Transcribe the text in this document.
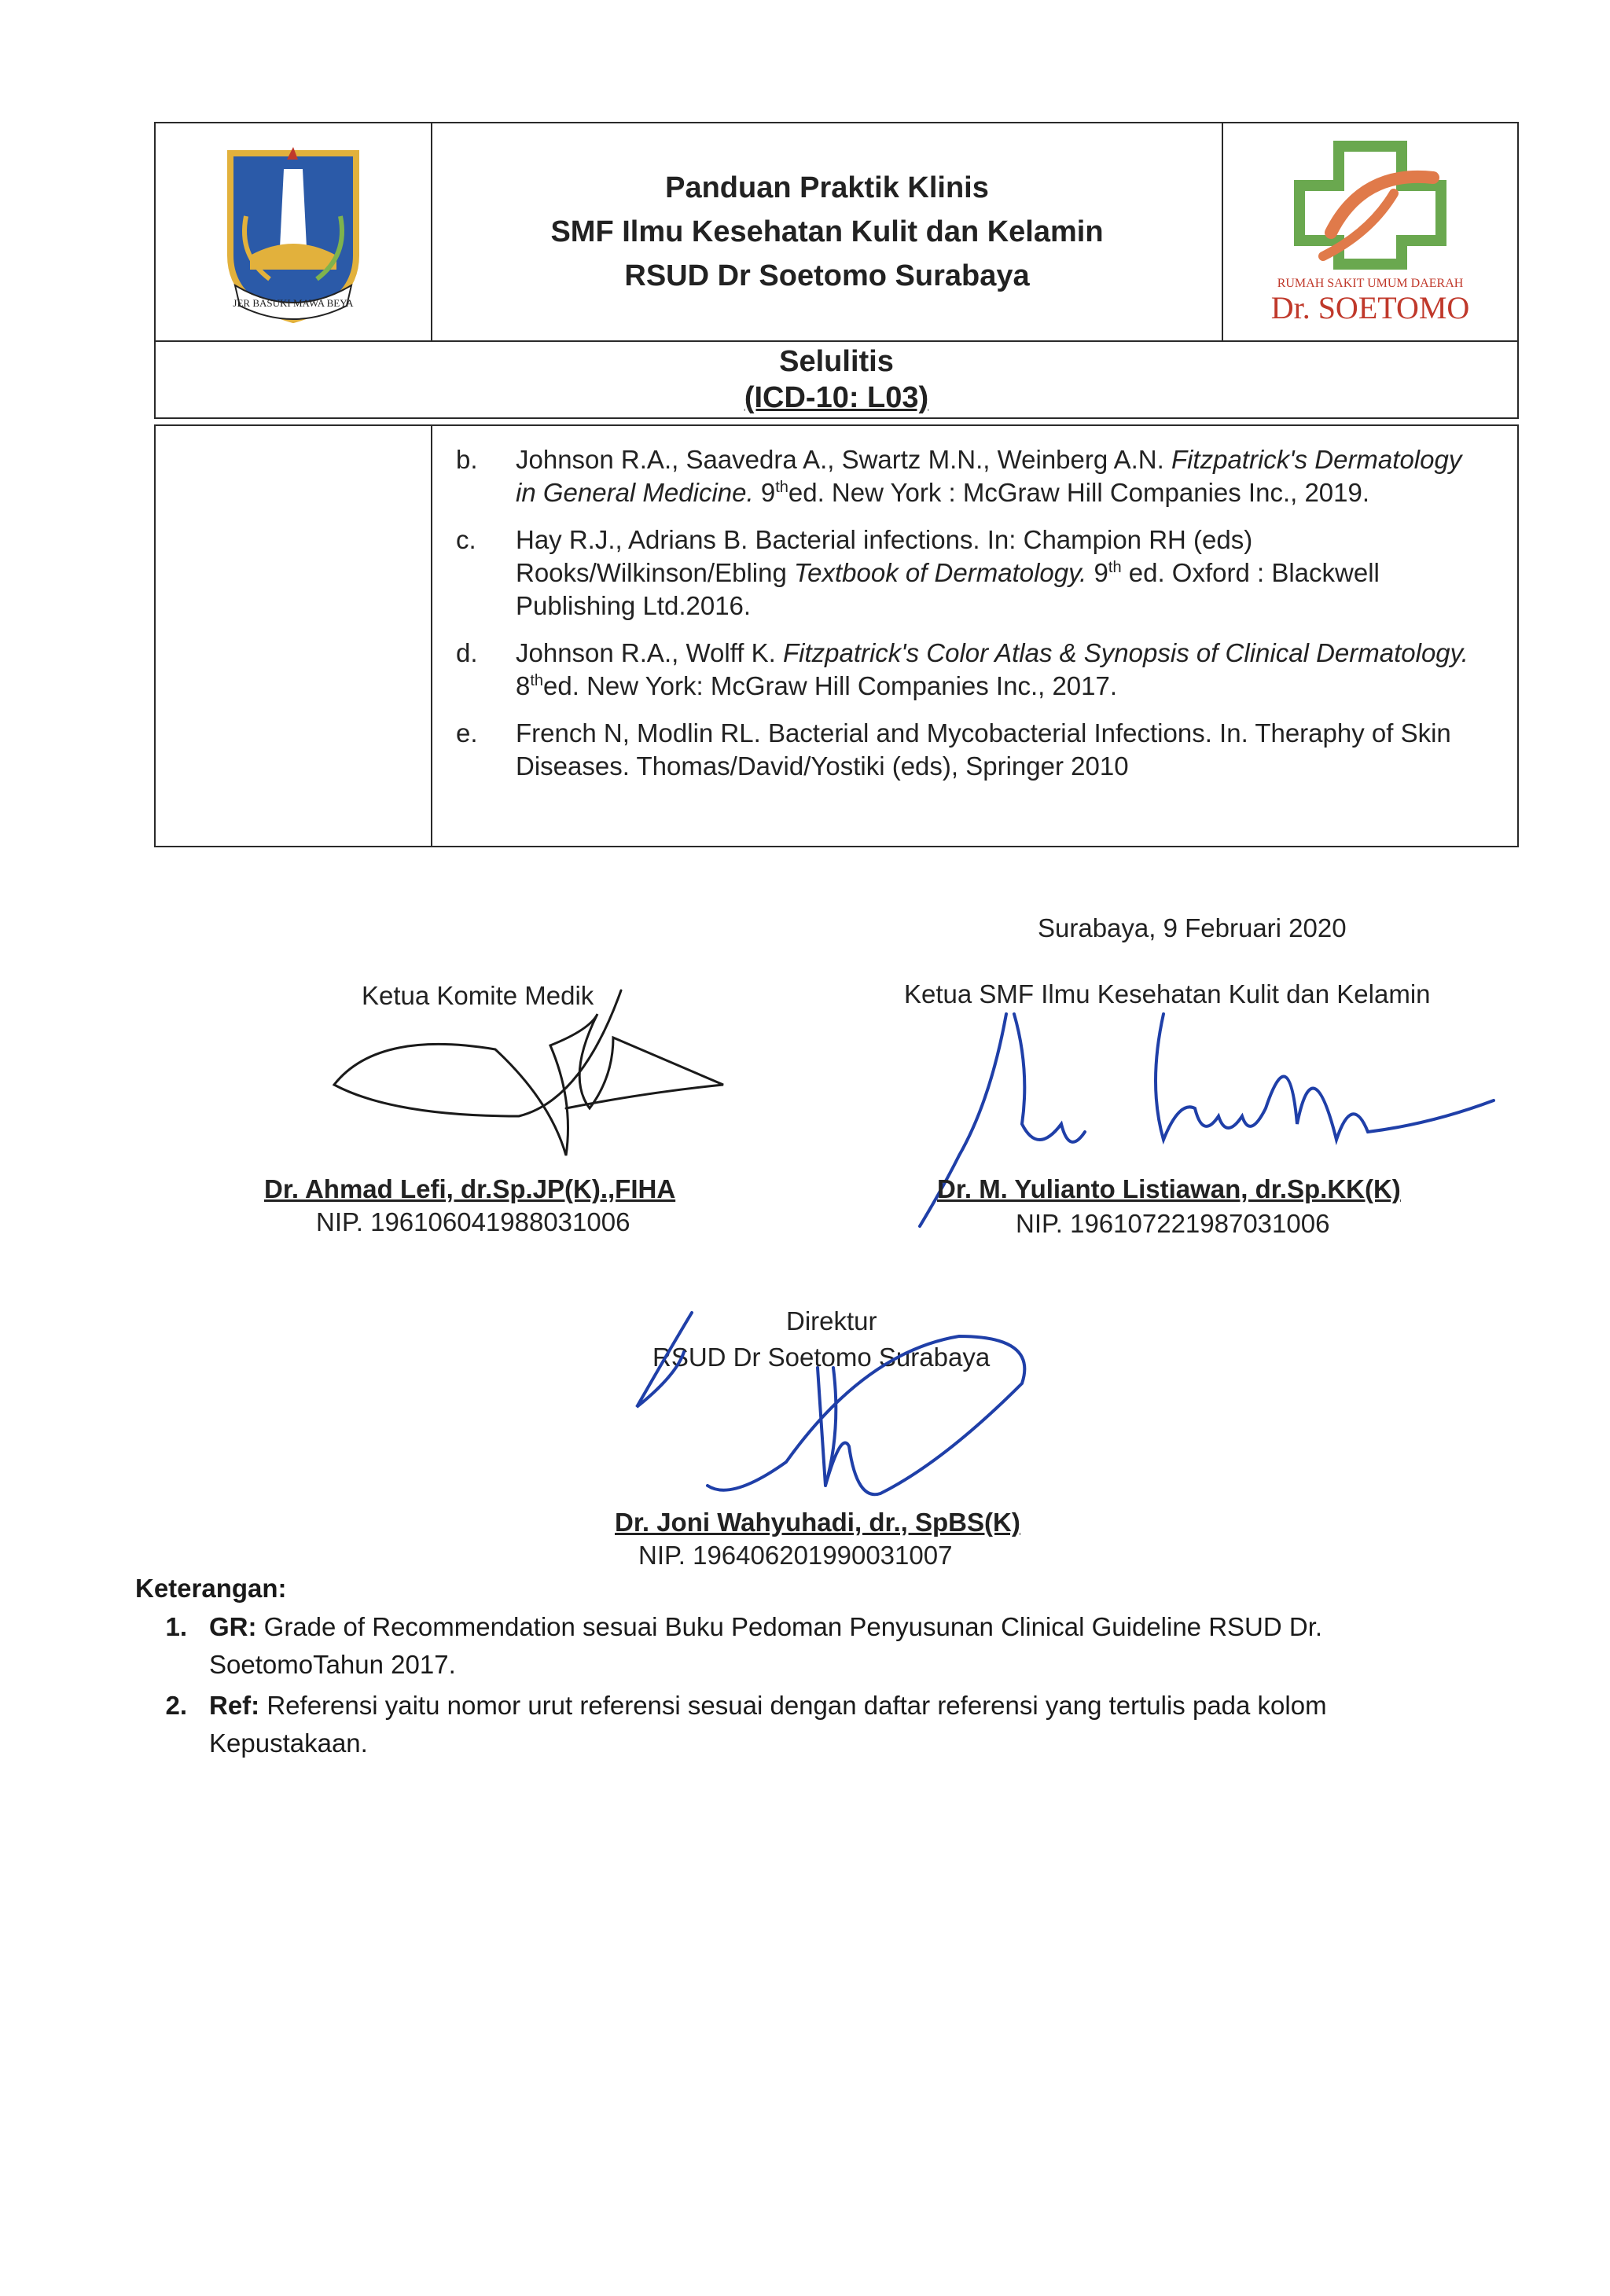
JER BASUKI MAWA BEYA
Panduan Praktik Klinis
SMF Ilmu Kesehatan Kulit dan Kelamin
RSUD Dr Soetomo Surabaya	RUMAH SAKIT UMUM DAERAH
Dr. SOETOMO
Selulitis
(ICD-10: L03)
b.	Johnson R.A., Saavedra A., Swartz M.N., Weinberg A.N. Fitzpatrick's Dermatology in General Medicine. 9thed. New York : McGraw Hill Companies Inc., 2019.
c.	Hay R.J., Adrians B. Bacterial infections. In: Champion RH (eds) Rooks/Wilkinson/Ebling Textbook of Dermatology. 9th ed. Oxford : Blackwell Publishing Ltd.2016.
d.	Johnson R.A., Wolff K. Fitzpatrick's Color Atlas & Synopsis of Clinical Dermatology. 8thed. New York: McGraw Hill Companies Inc., 2017.
e.	French N, Modlin RL. Bacterial and Mycobacterial Infections. In. Theraphy of Skin Diseases. Thomas/David/Yostiki (eds), Springer 2010
Surabaya, 9 Februari 2020
Ketua Komite Medik
Dr. Ahmad Lefi, dr.Sp.JP(K).,FIHA
NIP. 196106041988031006
Ketua SMF Ilmu Kesehatan Kulit dan Kelamin
Dr. M. Yulianto Listiawan, dr.Sp.KK(K)
NIP. 196107221987031006
Direktur
RSUD Dr Soetomo Surabaya
Dr. Joni Wahyuhadi, dr., SpBS(K)
NIP. 196406201990031007
Keterangan:
1. GR: Grade of Recommendation sesuai Buku Pedoman Penyusunan Clinical Guideline RSUD Dr. SoetomoTahun 2017.
2. Ref: Referensi yaitu nomor urut referensi sesuai dengan daftar referensi yang tertulis pada kolom Kepustakaan.
